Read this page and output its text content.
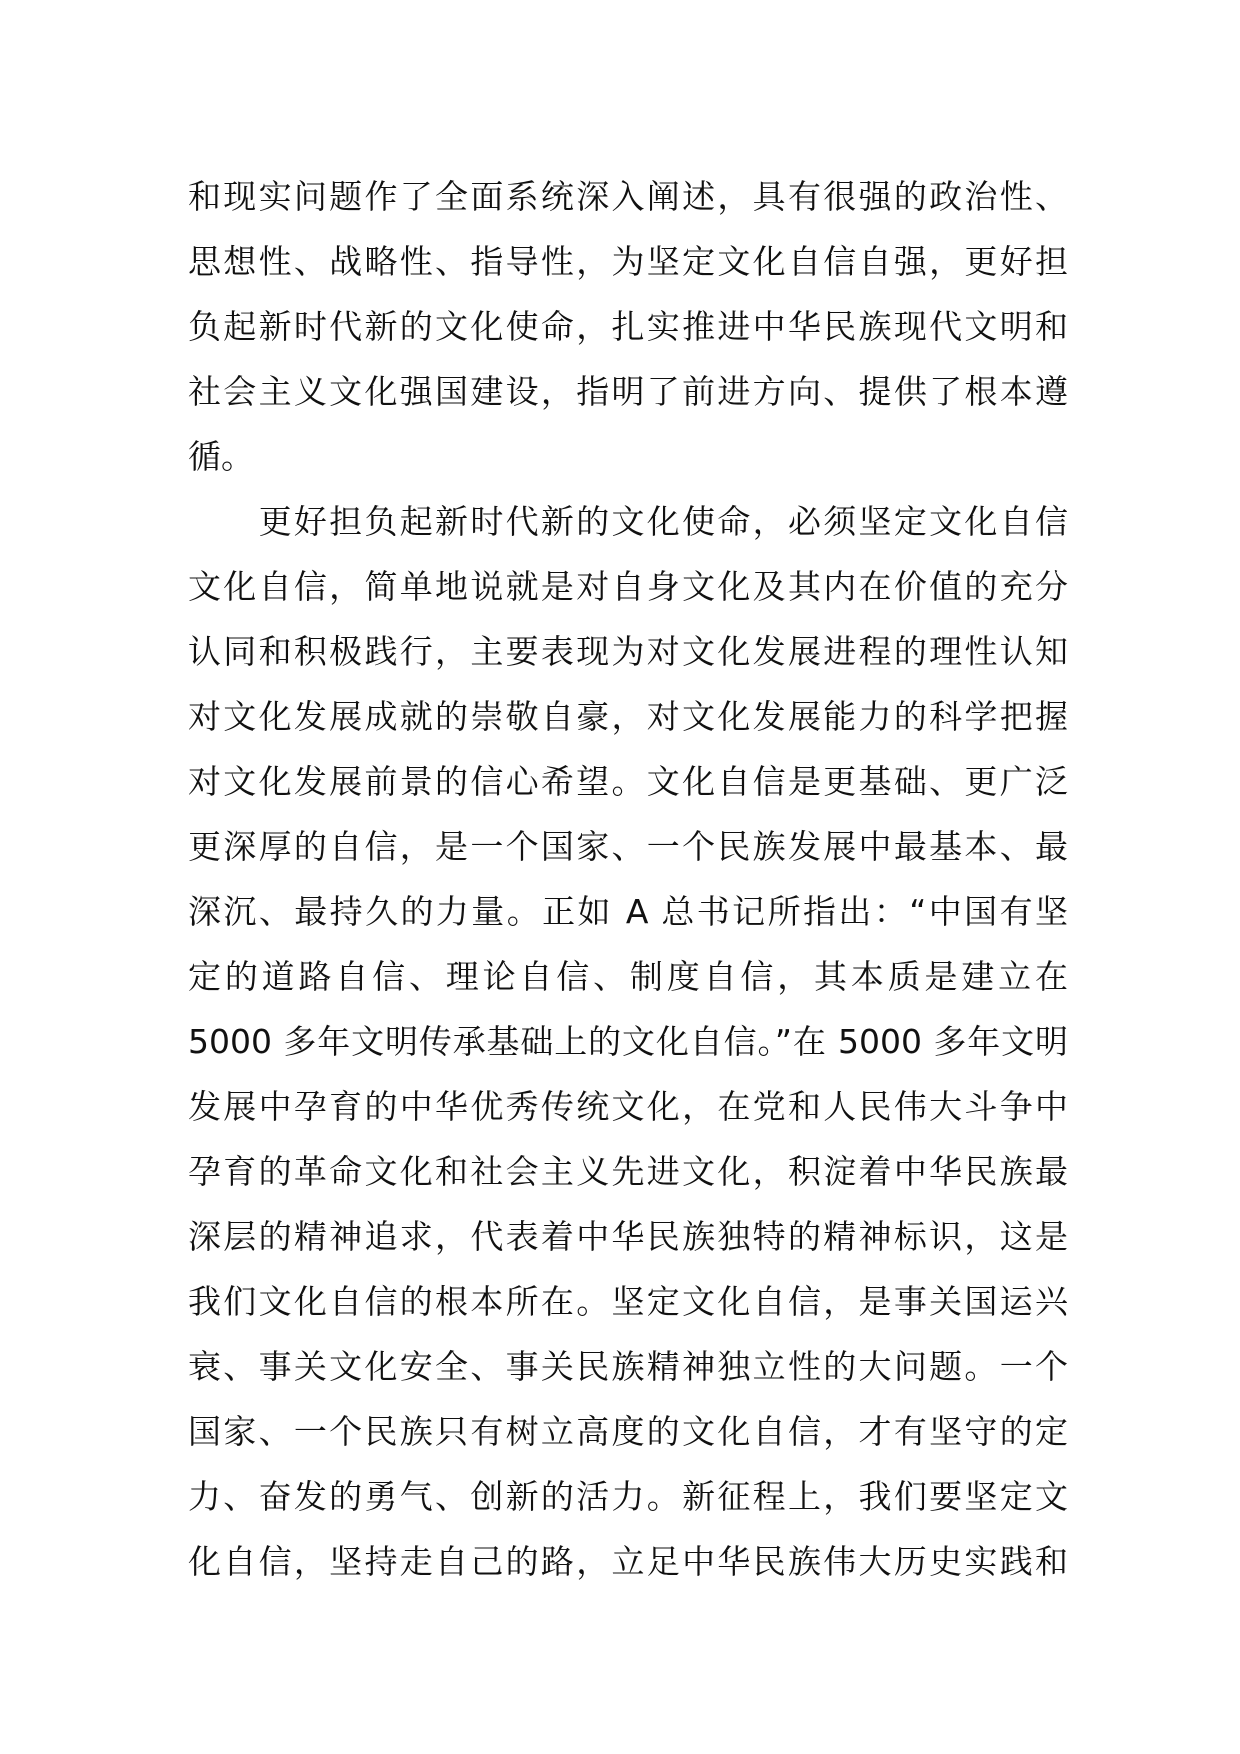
和现实问题作了全面系统深入阐述，具有很强的政治性、
思想性、战略性、指导性，为坚定文化自信自强，更好担
负起新时代新的文化使命，扎实推进中华民族现代文明和
社会主义文化强国建设，指明了前进方向、提供了根本遵
循。
　　更好担负起新时代新的文化使命，必须坚定文化自信
文化自信，简单地说就是对自身文化及其内在价值的充分
认同和积极践行，主要表现为对文化发展进程的理性认知
对文化发展成就的崇敬自豪，对文化发展能力的科学把握
对文化发展前景的信心希望。文化自信是更基础、更广泛
更深厚的自信，是一个国家、一个民族发展中最基本、最
深沉、最持久的力量。正如 A 总书记所指出：“中国有坚
定的道路自信、理论自信、制度自信，其本质是建立在
5000 多年文明传承基础上的文化自信。”在 5000 多年文明
发展中孕育的中华优秀传统文化，在党和人民伟大斗争中
孕育的革命文化和社会主义先进文化，积淀着中华民族最
深层的精神追求，代表着中华民族独特的精神标识，这是
我们文化自信的根本所在。坚定文化自信，是事关国运兴
衰、事关文化安全、事关民族精神独立性的大问题。一个
国家、一个民族只有树立高度的文化自信，才有坚守的定
力、奋发的勇气、创新的活力。新征程上，我们要坚定文
化自信，坚持走自己的路，立足中华民族伟大历史实践和
